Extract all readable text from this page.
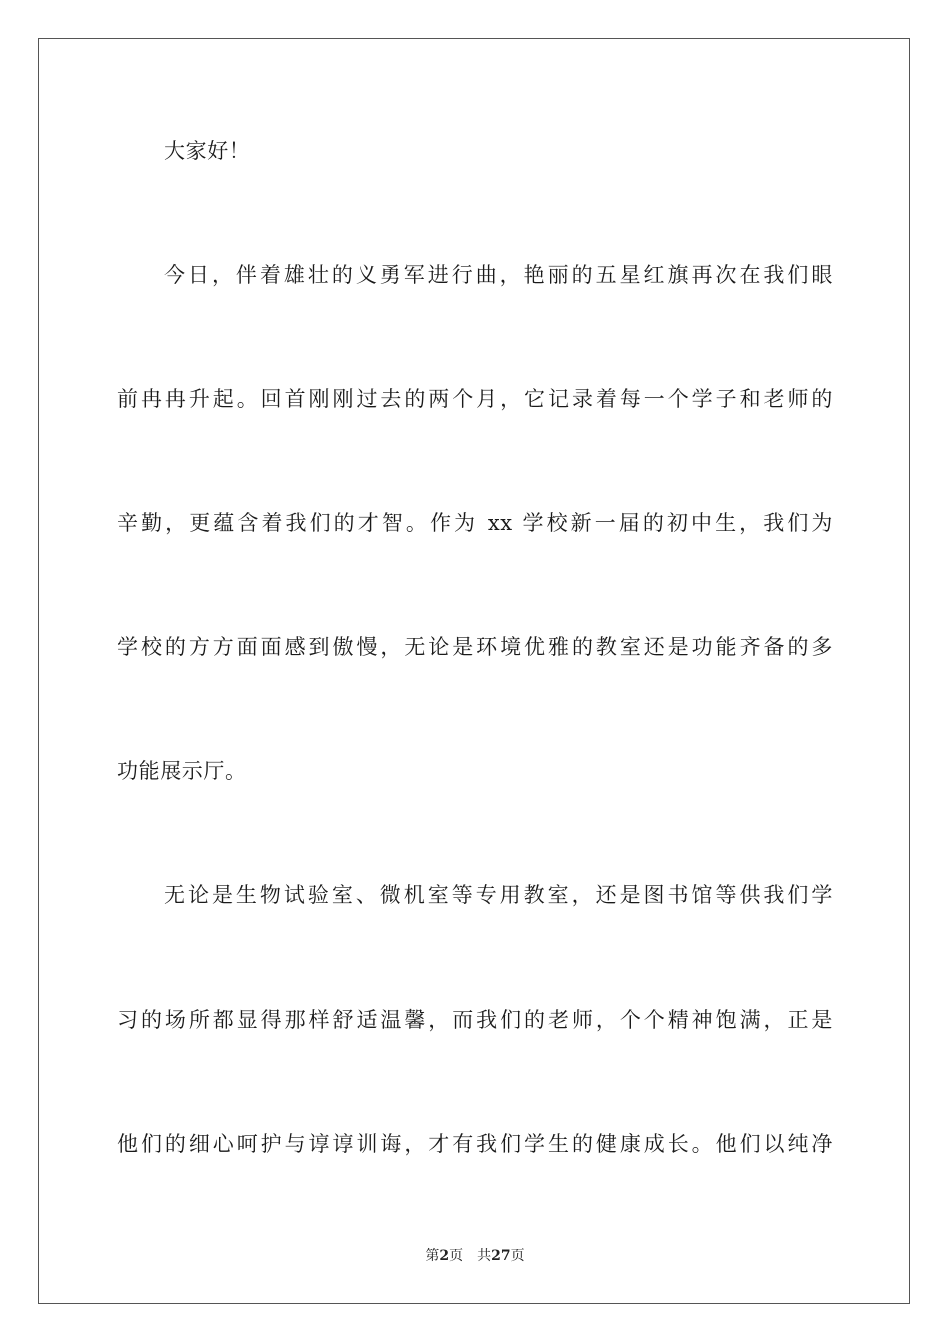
大家好！
今日，伴着雄壮的义勇军进行曲，艳丽的五星红旗再次在我们眼
前冉冉升起。回首刚刚过去的两个月，它记录着每一个学子和老师的
辛勤，更蕴含着我们的才智。作为 xx 学校新一届的初中生，我们为
学校的方方面面感到傲慢，无论是环境优雅的教室还是功能齐备的多
功能展示厅。
无论是生物试验室、微机室等专用教室，还是图书馆等供我们学
习的场所都显得那样舒适温馨，而我们的老师，个个精神饱满，正是
他们的细心呵护与谆谆训诲，才有我们学生的健康成长。他们以纯净
第2页 共27页
